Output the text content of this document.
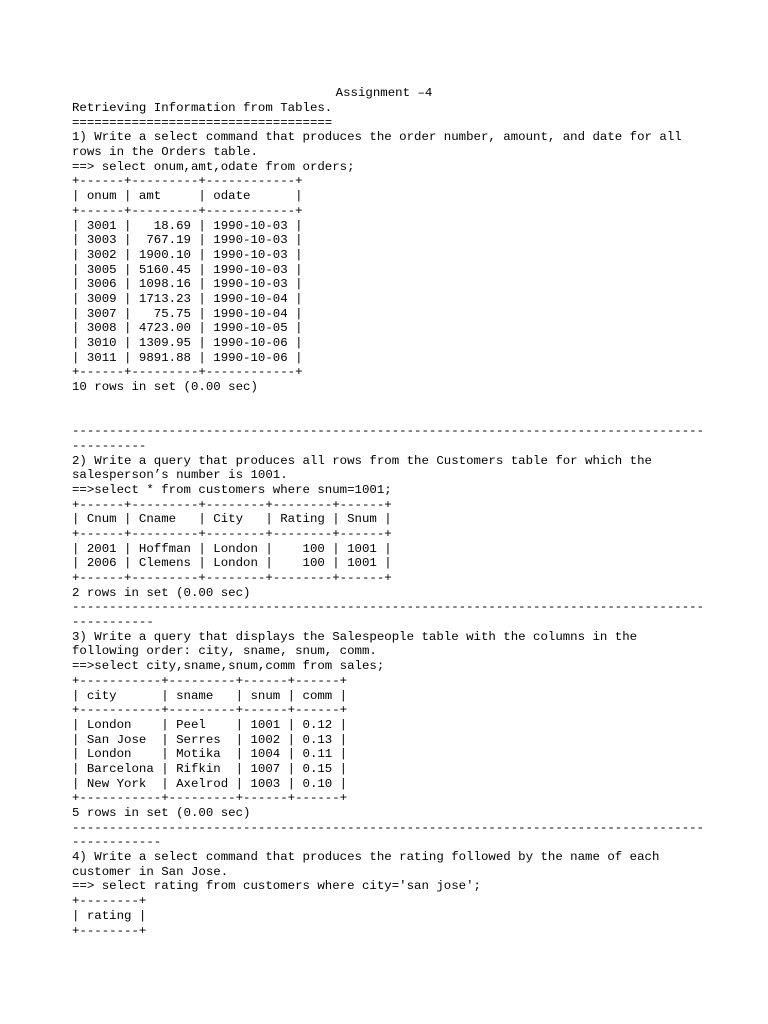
Assignment –4
Retrieving Information from Tables.
===================================
1) Write a select command that produces the order number, amount, and date for all
rows in the Orders table.
==> select onum,amt,odate from orders;
+------+---------+------------+
| onum | amt     | odate      |
+------+---------+------------+
| 3001 |   18.69 | 1990-10-03 |
| 3003 |  767.19 | 1990-10-03 |
| 3002 | 1900.10 | 1990-10-03 |
| 3005 | 5160.45 | 1990-10-03 |
| 3006 | 1098.16 | 1990-10-03 |
| 3009 | 1713.23 | 1990-10-04 |
| 3007 |   75.75 | 1990-10-04 |
| 3008 | 4723.00 | 1990-10-05 |
| 3010 | 1309.95 | 1990-10-06 |
| 3011 | 9891.88 | 1990-10-06 |
+------+---------+------------+
10 rows in set (0.00 sec)
-------------------------------------------------------------------------------------
----------
2) Write a query that produces all rows from the Customers table for which the
salesperson’s number is 1001.
==>select * from customers where snum=1001;
+------+---------+--------+--------+------+
| Cnum | Cname   | City   | Rating | Snum |
+------+---------+--------+--------+------+
| 2001 | Hoffman | London |    100 | 1001 |
| 2006 | Clemens | London |    100 | 1001 |
+------+---------+--------+--------+------+
2 rows in set (0.00 sec)
-------------------------------------------------------------------------------------
-----------
3) Write a query that displays the Salespeople table with the columns in the
following order: city, sname, snum, comm.
==>select city,sname,snum,comm from sales;
+-----------+---------+------+------+
| city      | sname   | snum | comm |
+-----------+---------+------+------+
| London    | Peel    | 1001 | 0.12 |
| San Jose  | Serres  | 1002 | 0.13 |
| London    | Motika  | 1004 | 0.11 |
| Barcelona | Rifkin  | 1007 | 0.15 |
| New York  | Axelrod | 1003 | 0.10 |
+-----------+---------+------+------+
5 rows in set (0.00 sec)
-------------------------------------------------------------------------------------
------------
4) Write a select command that produces the rating followed by the name of each
customer in San Jose.
==> select rating from customers where city='san jose';
+--------+
| rating |
+--------+
